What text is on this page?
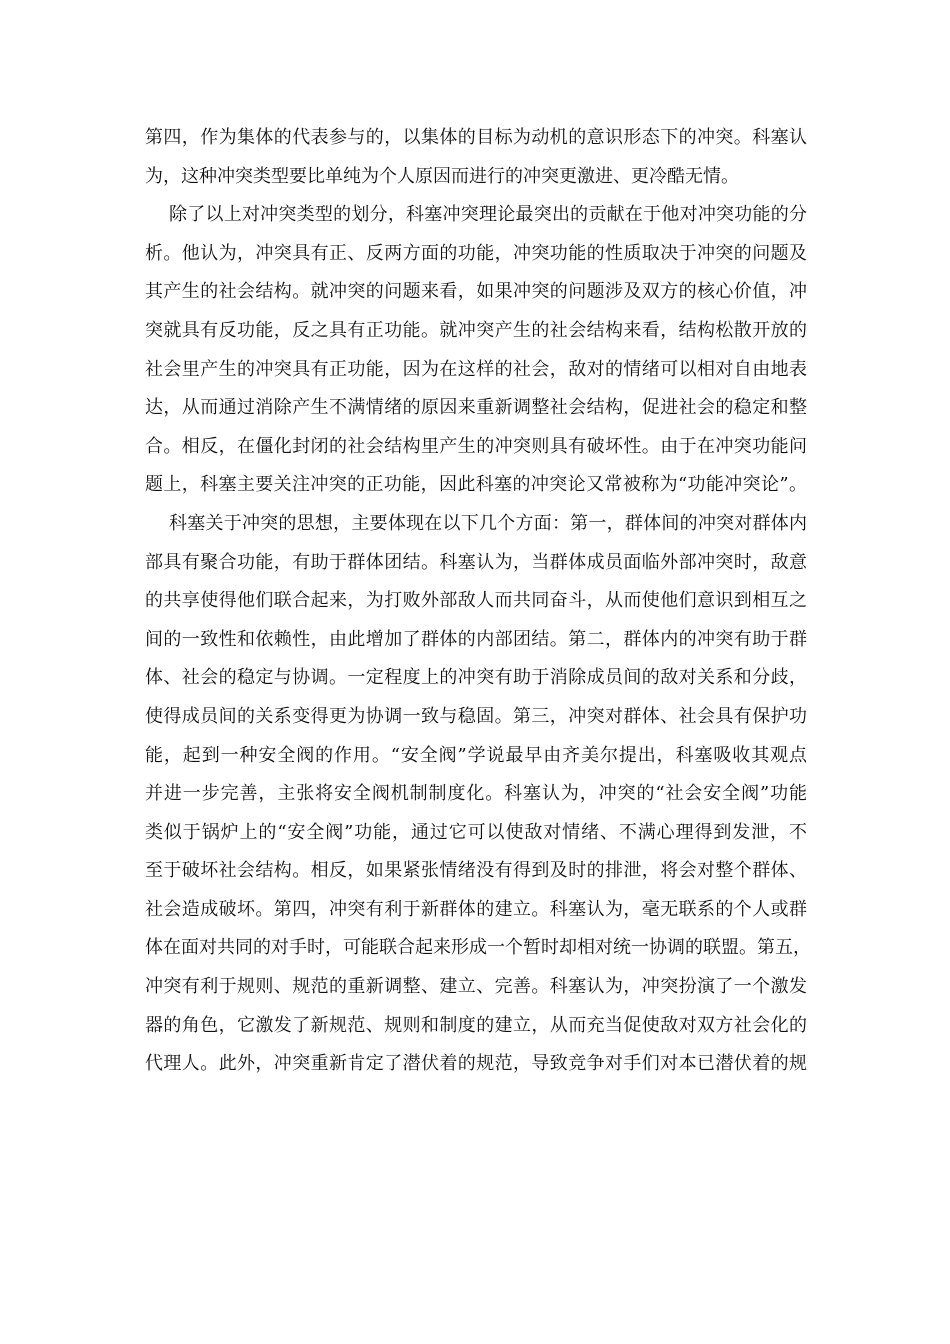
第四，作为集体的代表参与的，以集体的目标为动机的意识形态下的冲突。科塞认
为，这种冲突类型要比单纯为个人原因而进行的冲突更激进、更冷酷无情。
除了以上对冲突类型的划分，科塞冲突理论最突出的贡献在于他对冲突功能的分
析。他认为，冲突具有正、反两方面的功能，冲突功能的性质取决于冲突的问题及
其产生的社会结构。就冲突的问题来看，如果冲突的问题涉及双方的核心价值，冲
突就具有反功能，反之具有正功能。就冲突产生的社会结构来看，结构松散开放的
社会里产生的冲突具有正功能，因为在这样的社会，敌对的情绪可以相对自由地表
达，从而通过消除产生不满情绪的原因来重新调整社会结构，促进社会的稳定和整
合。相反，在僵化封闭的社会结构里产生的冲突则具有破坏性。由于在冲突功能问
题上，科塞主要关注冲突的正功能，因此科塞的冲突论又常被称为“功能冲突论”。
科塞关于冲突的思想，主要体现在以下几个方面：第一，群体间的冲突对群体内
部具有聚合功能，有助于群体团结。科塞认为，当群体成员面临外部冲突时，敌意
的共享使得他们联合起来，为打败外部敌人而共同奋斗，从而使他们意识到相互之
间的一致性和依赖性，由此增加了群体的内部团结。第二，群体内的冲突有助于群
体、社会的稳定与协调。一定程度上的冲突有助于消除成员间的敌对关系和分歧，
使得成员间的关系变得更为协调一致与稳固。第三，冲突对群体、社会具有保护功
能，起到一种安全阀的作用。“安全阀”学说最早由齐美尔提出，科塞吸收其观点
并进一步完善，主张将安全阀机制制度化。科塞认为，冲突的“社会安全阀”功能
类似于锅炉上的“安全阀”功能，通过它可以使敌对情绪、不满心理得到发泄，不
至于破坏社会结构。相反，如果紧张情绪没有得到及时的排泄，将会对整个群体、
社会造成破坏。第四，冲突有利于新群体的建立。科塞认为，毫无联系的个人或群
体在面对共同的对手时，可能联合起来形成一个暂时却相对统一协调的联盟。第五，
冲突有利于规则、规范的重新调整、建立、完善。科塞认为，冲突扮演了一个激发
器的角色，它激发了新规范、规则和制度的建立，从而充当促使敌对双方社会化的
代理人。此外，冲突重新肯定了潜伏着的规范，导致竞争对手们对本已潜伏着的规
